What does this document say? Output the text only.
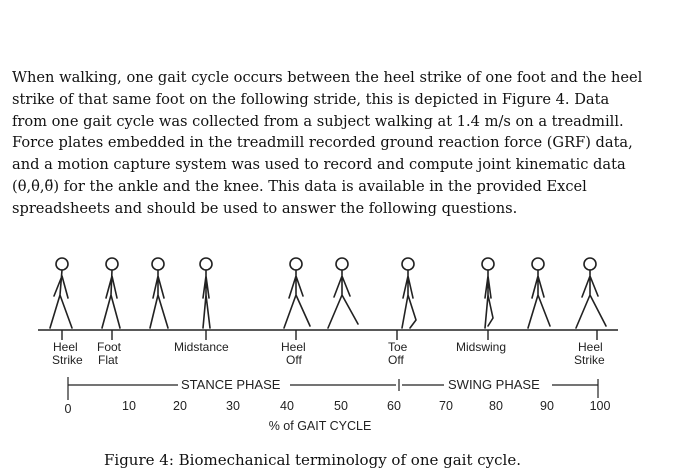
When walking, one gait cycle occurs between the heel strike of one foot and the heel
strike of that same foot on the following stride, this is depicted in Figure 4. Data
from one gait cycle was collected from a subject walking at 1.4 m/s on a treadmill.
Force plates embedded in the treadmill recorded ground reaction force (GRF) data,
and a motion capture system was used to record and compute joint kinematic data
(θ,θ̇,θ̈) for the ankle and the knee. This data is available in the provided Excel
spreadsheets and should be used to answer the following questions.
Heel
Strike
Foot
Flat
Midstance	Heel
Off
Toe
Off
Midswing	Heel
Strike
STANCE PHASE	SWING PHASE
0	10	20	30	40	50	60	70	80	90	100
% of GAIT CYCLE
Figure 4: Biomechanical terminology of one gait cycle.
